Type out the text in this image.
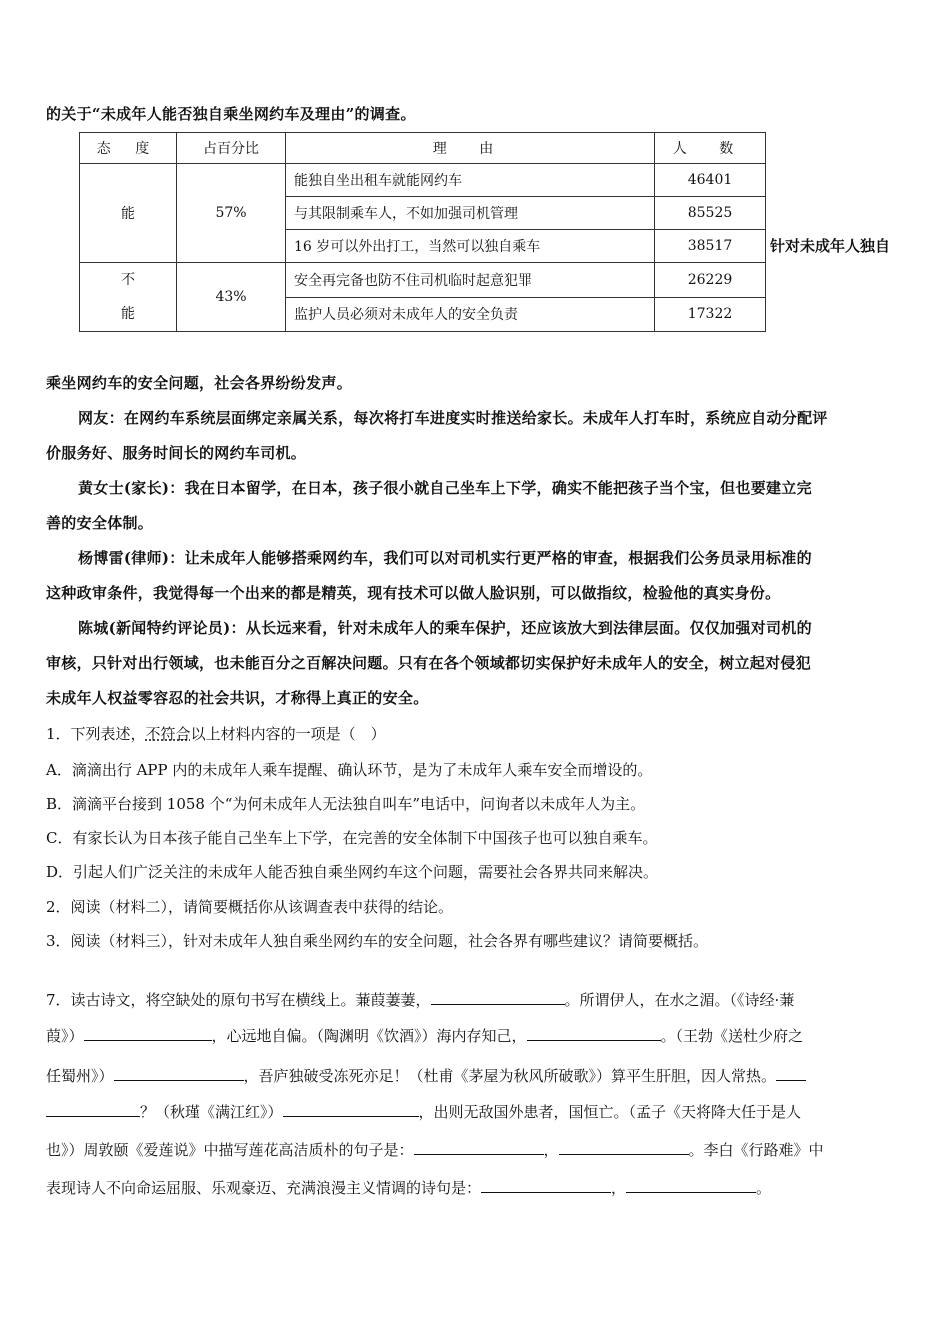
的关于“未成年人能否独自乘坐网约车及理由”的调查。
态 度	占百分比	理 由	人 数
能	57%	能独自坐出租车就能网约车	46401
		与其限制乘车人，不如加强司机管理	85525
		16 岁可以外出打工，当然可以独自乘车	38517
不
能	43%	安全再完备也防不住司机临时起意犯罪	26229
		监护人员必须对未成年人的安全负责	17322
针对未成年人独自
乘坐网约车的安全问题，社会各界纷纷发声。
网友：在网约车系统层面绑定亲属关系，每次将打车进度实时推送给家长。未成年人打车时，系统应自动分配评
价服务好、服务时间长的网约车司机。
黄女士(家长)：我在日本留学，在日本，孩子很小就自己坐车上下学，确实不能把孩子当个宝，但也要建立完
善的安全体制。
杨博雷(律师)：让未成年人能够搭乘网约车，我们可以对司机实行更严格的审查，根据我们公务员录用标准的
这种政审条件，我觉得每一个出来的都是精英，现有技术可以做人脸识别，可以做指纹，检验他的真实身份。
陈城(新闻特约评论员)：从长远来看，针对未成年人的乘车保护，还应该放大到法律层面。仅仅加强对司机的
审核，只针对出行领域，也未能百分之百解决问题。只有在各个领域都切实保护好未成年人的安全，树立起对侵犯
未成年人权益零容忍的社会共识，才称得上真正的安全。
1．下列表述，不符合以上材料内容的一项是（　）
A．滴滴出行 APP 内的未成年人乘车提醒、确认环节，是为了未成年人乘车安全而增设的。
B．滴滴平台接到 1058 个“为何未成年人无法独自叫车”电话中，问询者以未成年人为主。
C．有家长认为日本孩子能自己坐车上下学，在完善的安全体制下中国孩子也可以独自乘车。
D．引起人们广泛关注的未成年人能否独自乘坐网约车这个问题，需要社会各界共同来解决。
2．阅读（材料二），请简要概括你从该调查表中获得的结论。
3．阅读（材料三），针对未成年人独自乘坐网约车的安全问题，社会各界有哪些建议？请简要概括。
7．读古诗文，将空缺处的原句书写在横线上。蒹葭萋萋，	。所谓伊人，在水之湄。（《诗经·蒹
葭》）	，心远地自偏。（陶渊明《饮酒》）海内存知己，	。（王勃《送杜少府之
任蜀州》）	，吾庐独破受冻死亦足！（杜甫《茅屋为秋风所破歌》）算平生肝胆，因人常热。
？（秋瑾《满江红》）	，出则无敌国外患者，国恒亡。（孟子《天将降大任于是人
也》）周敦颐《爱莲说》中描写莲花高洁质朴的句子是：	，	。李白《行路难》中
表现诗人不向命运屈服、乐观豪迈、充满浪漫主义情调的诗句是：	，	。
